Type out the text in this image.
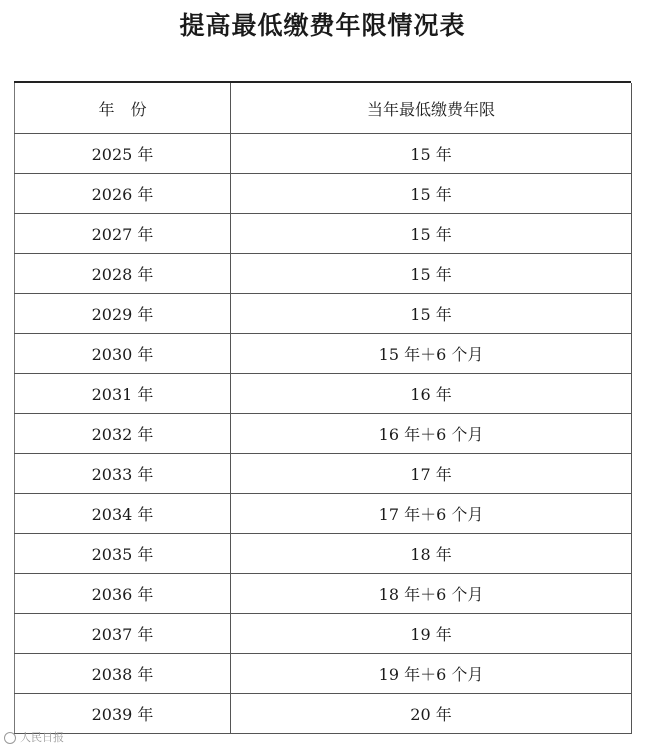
提高最低缴费年限情况表
年　份	当年最低缴费年限
2025 年	15 年
2026 年	15 年
2027 年	15 年
2028 年	15 年
2029 年	15 年
2030 年	15 年＋6 个月
2031 年	16 年
2032 年	16 年＋6 个月
2033 年	17 年
2034 年	17 年＋6 个月
2035 年	18 年
2036 年	18 年＋6 个月
2037 年	19 年
2038 年	19 年＋6 个月
2039 年	20 年
人民日报
